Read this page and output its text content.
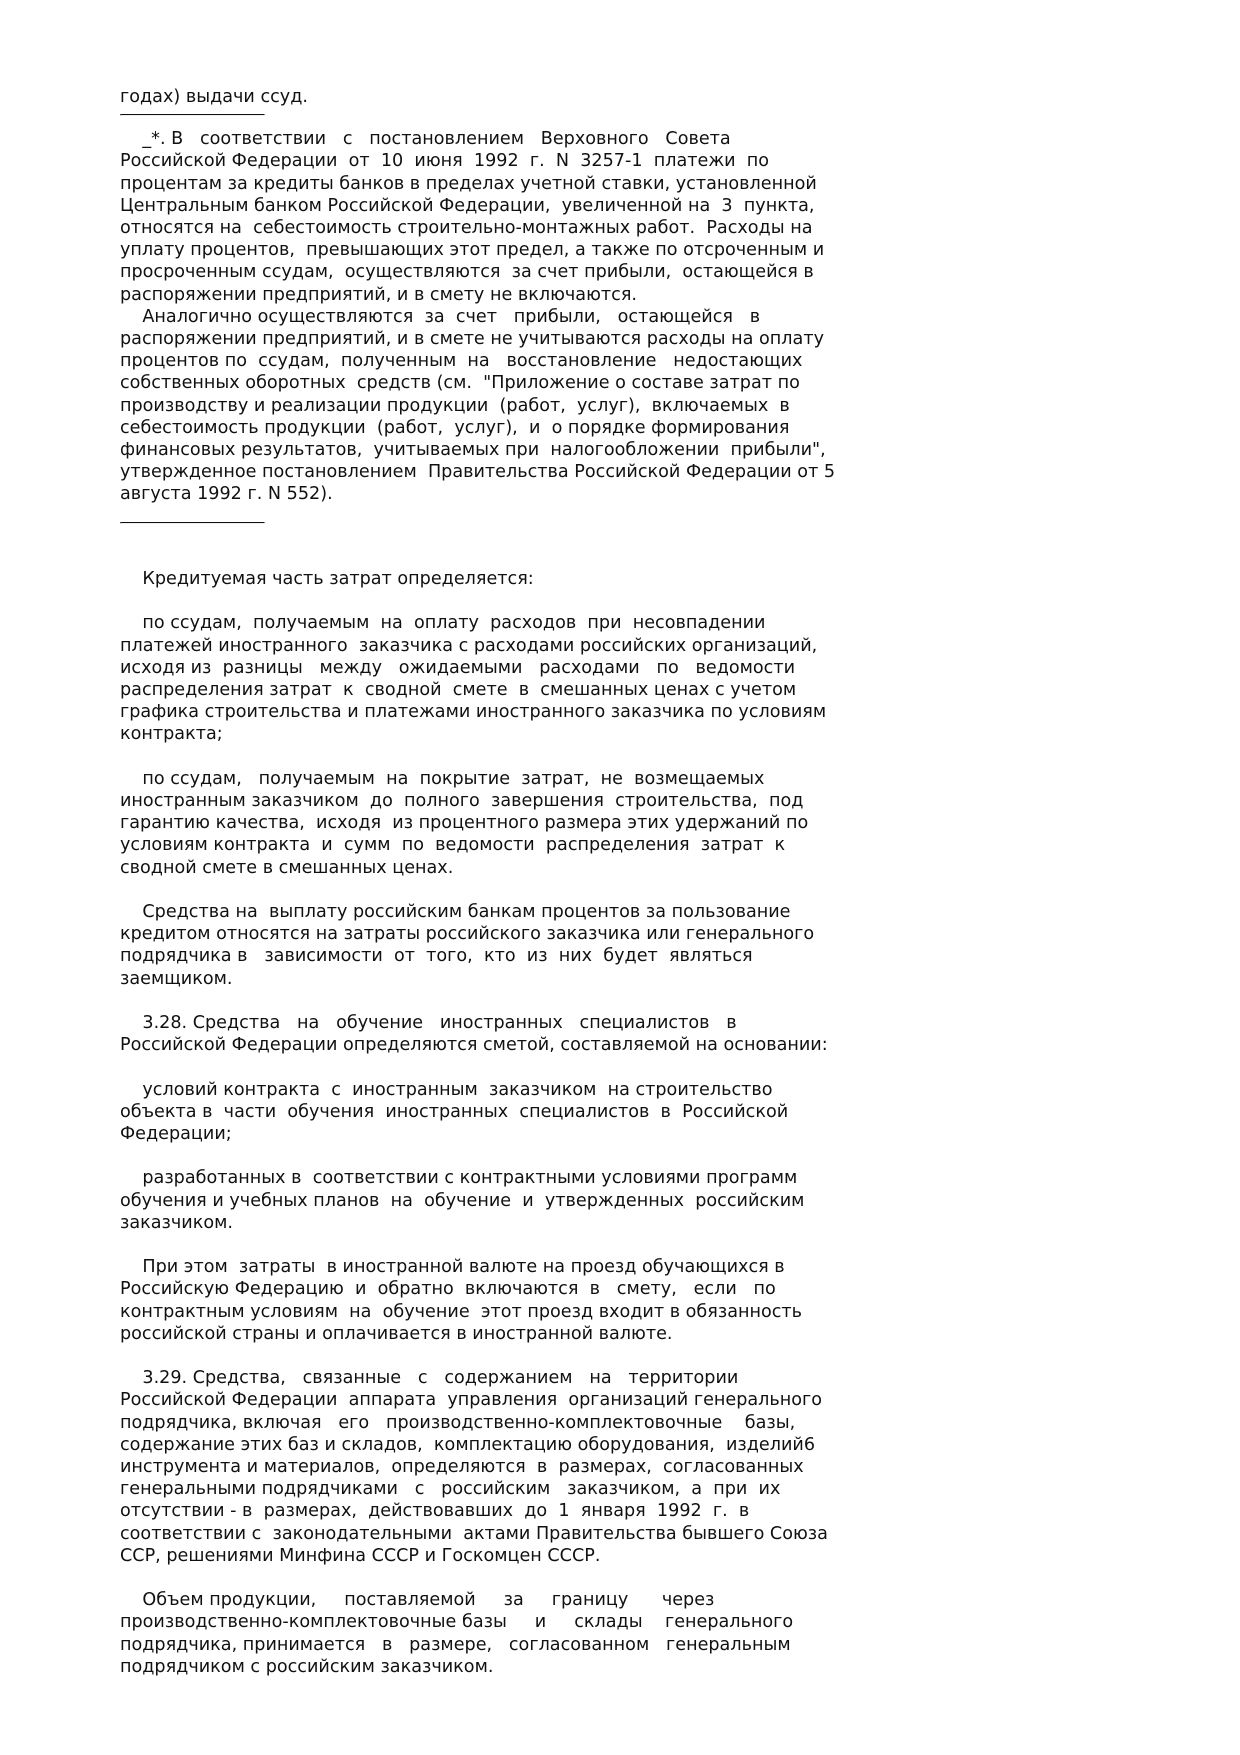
годах) выдачи ссуд.

_*. В   соответствии   с   постановлением   Верховного   Совета

Российской Федерации  от  10  июня  1992  г.  N  3257-1  платежи  по

процентам за кредиты банков в пределах учетной ставки, установленной

Центральным банком Российской Федерации,  увеличенной на  3  пункта,

относятся на  себестоимость строительно-монтажных работ.  Расходы на

уплату процентов,  превышающих этот предел, а также по отсроченным и

просроченным ссудам,  осуществляются  за счет прибыли,  остающейся в

распоряжении предприятий, и в смету не включаются.

Аналогично осуществляются  за  счет   прибыли,   остающейся   в

распоряжении предприятий, и в смете не учитываются расходы на оплату

процентов по  ссудам,  полученным  на   восстановление   недостающих

собственных оборотных  средств (см.  "Приложение о составе затрат по

производству и реализации продукции  (работ,  услуг),  включаемых  в

себестоимость продукции  (работ,  услуг),  и  о порядке формирования

финансовых результатов,  учитываемых при  налогообложении  прибыли",

утвержденное постановлением  Правительства Российской Федерации от 5

августа 1992 г. N 552).

Кредитуемая часть затрат определяется:

по ссудам,  получаемым  на  оплату  расходов  при  несовпадении

платежей иностранного  заказчика с расходами российских организаций,

исходя из  разницы   между   ожидаемыми   расходами   по   ведомости

распределения затрат  к  сводной  смете  в  смешанных ценах с учетом

графика строительства и платежами иностранного заказчика по условиям

контракта;

по ссудам,   получаемым  на  покрытие  затрат,  не  возмещаемых

иностранным заказчиком  до  полного  завершения  строительства,  под

гарантию качества,  исходя  из процентного размера этих удержаний по

условиям контракта  и  сумм  по  ведомости  распределения  затрат  к

сводной смете в смешанных ценах.

Средства на  выплату российским банкам процентов за пользование

кредитом относятся на затраты российского заказчика или генерального

подрядчика в   зависимости  от  того,  кто  из  них  будет  являться

заемщиком.

3.28. Средства   на   обучение   иностранных   специалистов   в

Российской Федерации определяются сметой, составляемой на основании:

условий контракта  с  иностранным  заказчиком  на строительство

объекта в  части  обучения  иностранных  специалистов  в  Российской

Федерации;

разработанных в  соответствии с контрактными условиями программ

обучения и учебных планов  на  обучение  и  утвержденных  российским

заказчиком.

При этом  затраты  в иностранной валюте на проезд обучающихся в

Российскую Федерацию  и  обратно  включаются  в   смету,   если   по

контрактным условиям  на  обучение  этот проезд входит в обязанность

российской страны и оплачивается в иностранной валюте.

3.29. Средства,   связанные   с   содержанием   на   территории

Российской Федерации  аппарата  управления  организаций генерального

подрядчика, включая   его   производственно-комплектовочные    базы,

содержание этих баз и складов,  комплектацию оборудования,  изделий6

инструмента и материалов,  определяются  в  размерах,  согласованных

генеральными подрядчиками   с   российским   заказчиком,  а  при  их

отсутствии - в  размерах,  действовавших  до  1  января  1992  г.  в

соответствии с  законодательными  актами Правительства бывшего Союза

ССР, решениями Минфина СССР и Госкомцен СССР.

Объем продукции,     поставляемой     за     границу      через

производственно-комплектовочные базы     и     склады    генерального

подрядчика, принимается   в   размере,   согласованном   генеральным

подрядчиком с российским заказчиком.
